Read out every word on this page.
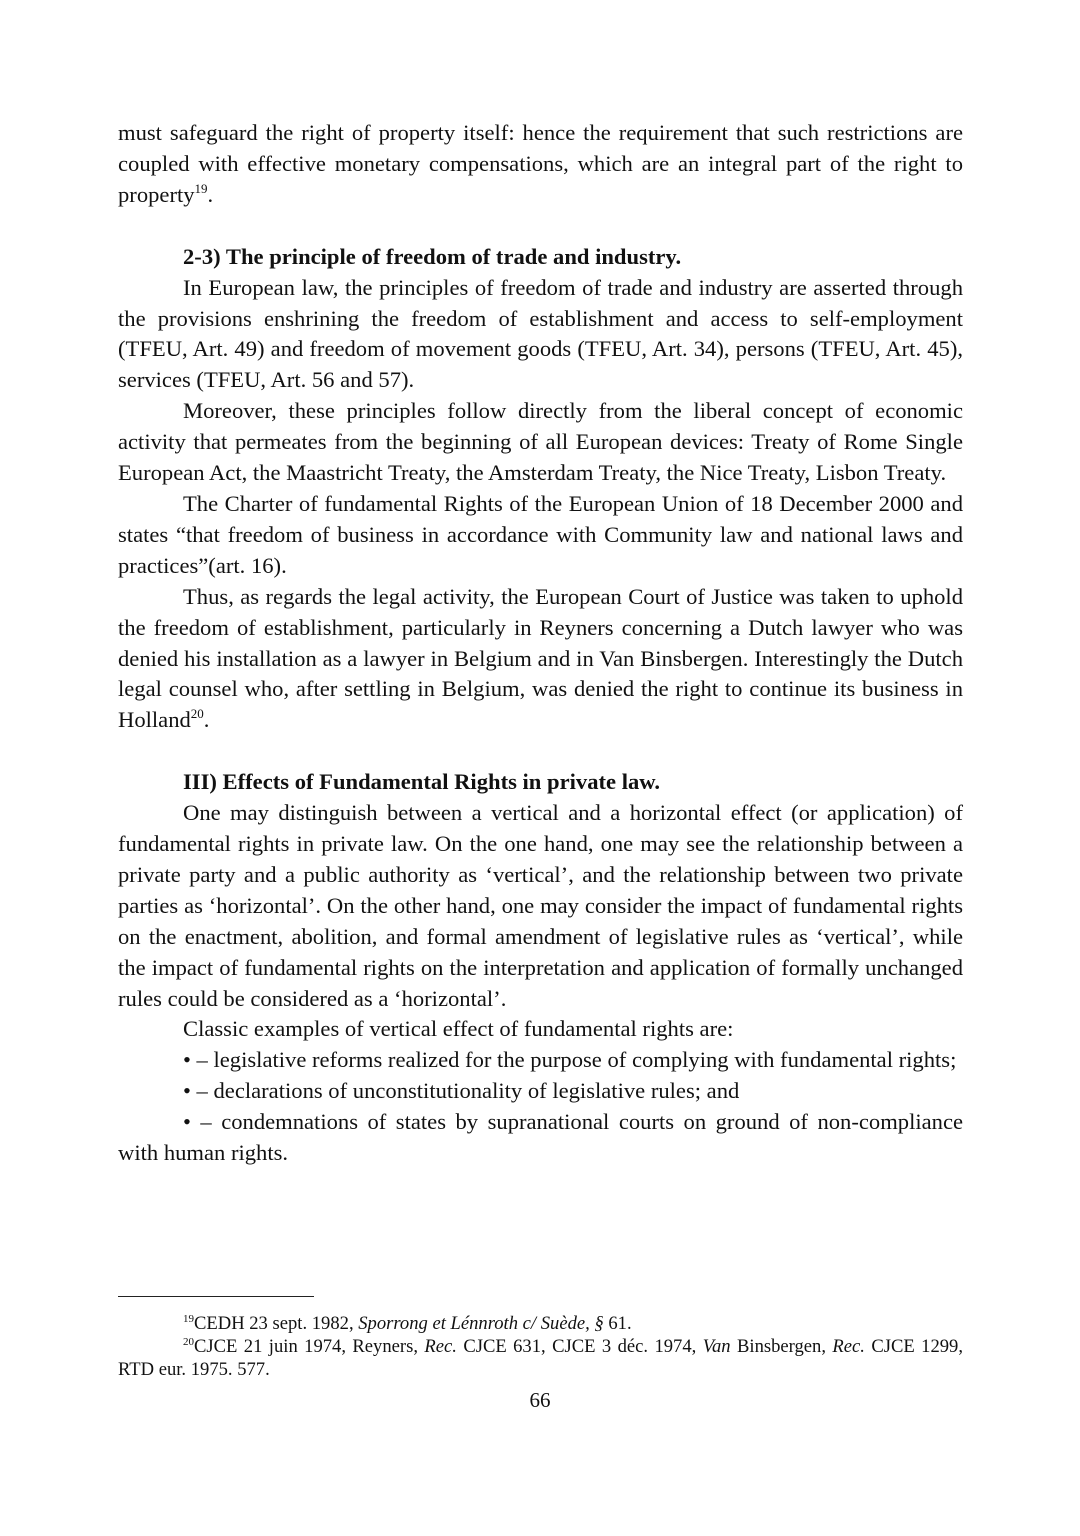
must safeguard the right of property itself: hence the requirement that such restrictions are coupled with effective monetary compensations, which are an integral part of the right to property$^{19}$.

2-3) The principle of freedom of trade and industry.

In European law, the principles of freedom of trade and industry are asserted through the provisions enshrining the freedom of establishment and access to self-employment (TFEU, Art. 49) and freedom of movement goods (TFEU, Art. 34), persons (TFEU, Art. 45), services (TFEU, Art. 56 and 57).

Moreover, these principles follow directly from the liberal concept of economic activity that permeates from the beginning of all European devices: Treaty of Rome Single European Act, the Maastricht Treaty, the Amsterdam Treaty, the Nice Treaty, Lisbon Treaty.

The Charter of fundamental Rights of the European Union of 18 December 2000 and states “that freedom of business in accordance with Community law and national laws and practices”(art. 16).

Thus, as regards the legal activity, the European Court of Justice was taken to uphold the freedom of establishment, particularly in Reyners concerning a Dutch lawyer who was denied his installation as a lawyer in Belgium and in Van Binsbergen. Interestingly the Dutch legal counsel who, after settling in Belgium, was denied the right to continue its business in Holland$^{20}$.

III) Effects of Fundamental Rights in private law.

One may distinguish between a vertical and a horizontal effect (or application) of fundamental rights in private law. On the one hand, one may see the relationship between a private party and a public authority as ‘vertical’, and the relationship between two private parties as ‘horizontal’. On the other hand, one may consider the impact of fundamental rights on the enactment, abolition, and formal amendment of legislative rules as ‘vertical’, while the impact of fundamental rights on the interpretation and application of formally unchanged rules could be considered as a ‘horizontal’.

Classic examples of vertical effect of fundamental rights are:

• – legislative reforms realized for the purpose of complying with fundamental rights;

• – declarations of unconstitutionality of legislative rules; and

• – condemnations of states by supranational courts on ground of non-compliance with human rights.

$^{19}$CEDH 23 sept. 1982, Sporrong et Lénnroth c/ Suède, § 61.

$^{20}$CJCE 21 juin 1974, Reyners, Rec. CJCE 631, CJCE 3 déc. 1974, Van Binsbergen, Rec. CJCE 1299, RTD eur. 1975. 577.

66
